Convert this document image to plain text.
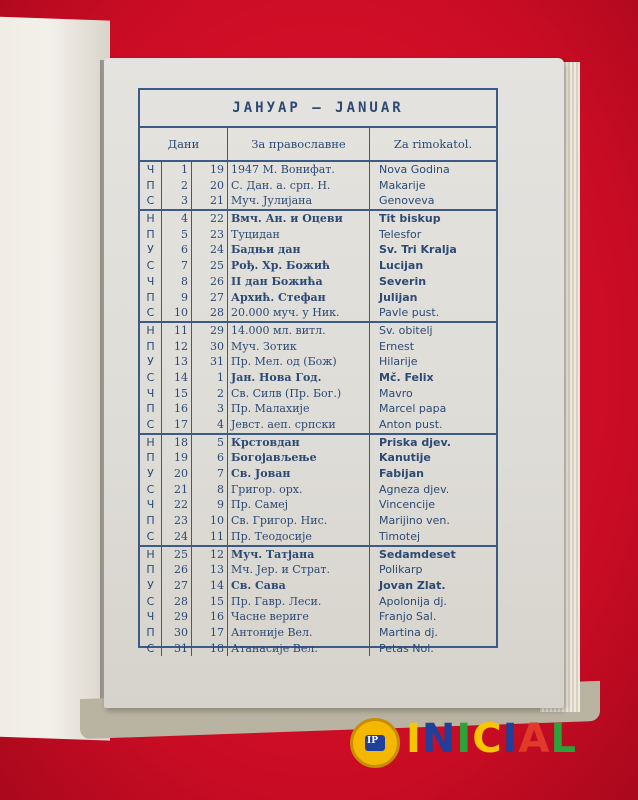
JАНУАР – JANUAR
Дани	За православне	Za rimokatol.
Ч
П
С
1
2
3
19
20
21
1947 М. Вонифат.
С. Дан. а. срп. Н.
Муч. Јулијана
Nova Godina
Makarije
Genoveva
Н
П
У
С
Ч
П
С
4
5
6
7
8
9
10
22
23
24
25
26
27
28
Вмч. Ан. и Оцеви
Туцидан
Бадњи дан
Рођ. Хр. Божић
II дан Божића
Архић. Стефан
20.000 муч. у Ник.
Tit biskup
Telesfor
Sv. Tri Kralja
Lucijan
Severin
Julijan
Pavle pust.
Н
П
У
С
Ч
П
С
11
12
13
14
15
16
17
29
30
31
1
2
3
4
14.000 мл. витл.
Муч. Зотик
Пр. Мел. од (Бож)
Јан. Нова Год.
Св. Силв (Пр. Бог.)
Пр. Малахије
Јевст. аеп. српски
Sv. obitelj
Ernest
Hilarije
Mč. Felix
Mavro
Marcel papa
Anton pust.
Н
П
У
С
Ч
П
С
18
19
20
21
22
23
24
5
6
7
8
9
10
11
Крстовдан
Богојављење
Св. Јован
Григор. орх.
Пр. Самеј
Св. Григор. Нис.
Пр. Теодосије
Priska djev.
Kanutije
Fabijan
Agneza djev.
Vincencije
Marijino ven.
Timotej
Н
П
У
С
Ч
П
С
25
26
27
28
29
30
31
12
13
14
15
16
17
18
Муч. Татјана
Мч. Јер. и Страт.
Св. Сава
Пр. Гавр. Леси.
Часне вериге
Антоније Вел.
Атанасије Вел.
Sedamdeset
Polikarp
Jovan Zlat.
Apolonija dj.
Franjo Sal.
Martina dj.
Petas Nol.
IP INICIAL
